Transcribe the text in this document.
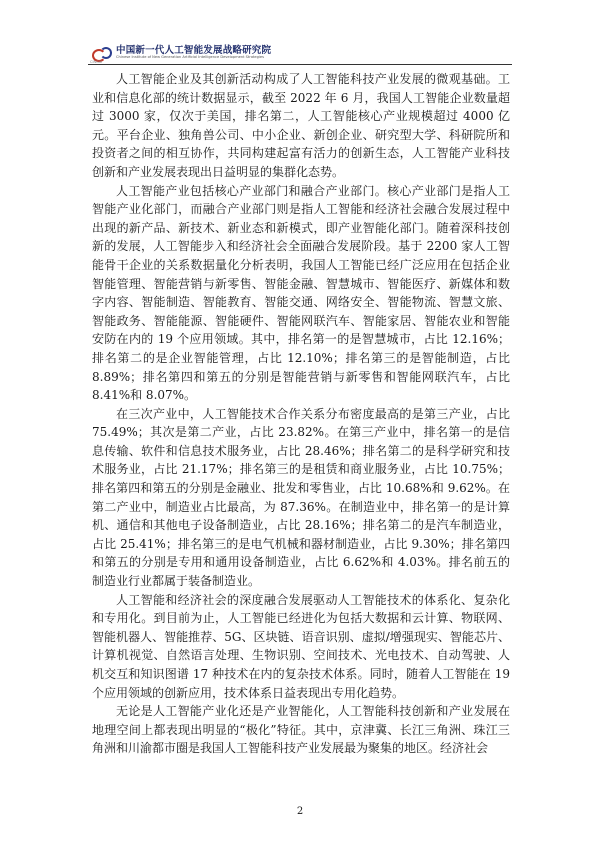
中国新一代人工智能发展战略研究院
Chinese Institute of New Generation Artificial Intelligence Development Strategies
CINGAI

人工智能企业及其创新活动构成了人工智能科技产业发展的微观基础。工业和信息化部的统计数据显示，截至 2022 年 6 月，我国人工智能企业数量超过 3000 家，仅次于美国，排名第二，人工智能核心产业规模超过 4000 亿元。平台企业、独角兽公司、中小企业、新创企业、研究型大学、科研院所和投资者之间的相互协作，共同构建起富有活力的创新生态，人工智能产业科技创新和产业发展表现出日益明显的集群化态势。

人工智能产业包括核心产业部门和融合产业部门。核心产业部门是指人工智能产业化部门，而融合产业部门则是指人工智能和经济社会融合发展过程中出现的新产品、新技术、新业态和新模式，即产业智能化部门。随着深科技创新的发展，人工智能步入和经济社会全面融合发展阶段。基于 2200 家人工智能骨干企业的关系数据量化分析表明，我国人工智能已经广泛应用在包括企业智能管理、智能营销与新零售、智能金融、智慧城市、智能医疗、新媒体和数字内容、智能制造、智能教育、智能交通、网络安全、智能物流、智慧文旅、智能政务、智能能源、智能硬件、智能网联汽车、智能家居、智能农业和智能安防在内的 19 个应用领域。其中，排名第一的是智慧城市，占比 12.16%；排名第二的是企业智能管理，占比 12.10%；排名第三的是智能制造，占比 8.89%；排名第四和第五的分别是智能营销与新零售和智能网联汽车，占比 8.41%和 8.07%。

在三次产业中，人工智能技术合作关系分布密度最高的是第三产业，占比 75.49%；其次是第二产业，占比 23.82%。在第三产业中，排名第一的是信息传输、软件和信息技术服务业，占比 28.46%；排名第二的是科学研究和技术服务业，占比 21.17%；排名第三的是租赁和商业服务业，占比 10.75%；排名第四和第五的分别是金融业、批发和零售业，占比 10.68%和 9.62%。在第二产业中，制造业占比最高，为 87.36%。在制造业中，排名第一的是计算机、通信和其他电子设备制造业，占比 28.16%；排名第二的是汽车制造业，占比 25.41%；排名第三的是电气机械和器材制造业，占比 9.30%；排名第四和第五的分别是专用和通用设备制造业，占比 6.62%和 4.03%。排名前五的制造业行业都属于装备制造业。

人工智能和经济社会的深度融合发展驱动人工智能技术的体系化、复杂化和专用化。到目前为止，人工智能已经进化为包括大数据和云计算、物联网、智能机器人、智能推荐、5G、区块链、语音识别、虚拟/增强现实、智能芯片、计算机视觉、自然语言处理、生物识别、空间技术、光电技术、自动驾驶、人机交互和知识图谱 17 种技术在内的复杂技术体系。同时，随着人工智能在 19 个应用领域的创新应用，技术体系日益表现出专用化趋势。

无论是人工智能产业化还是产业智能化，人工智能科技创新和产业发展在地理空间上都表现出明显的“极化”特征。其中，京津冀、长江三角洲、珠江三角洲和川渝都市圈是我国人工智能科技产业发展最为聚集的地区。经济社会

2
